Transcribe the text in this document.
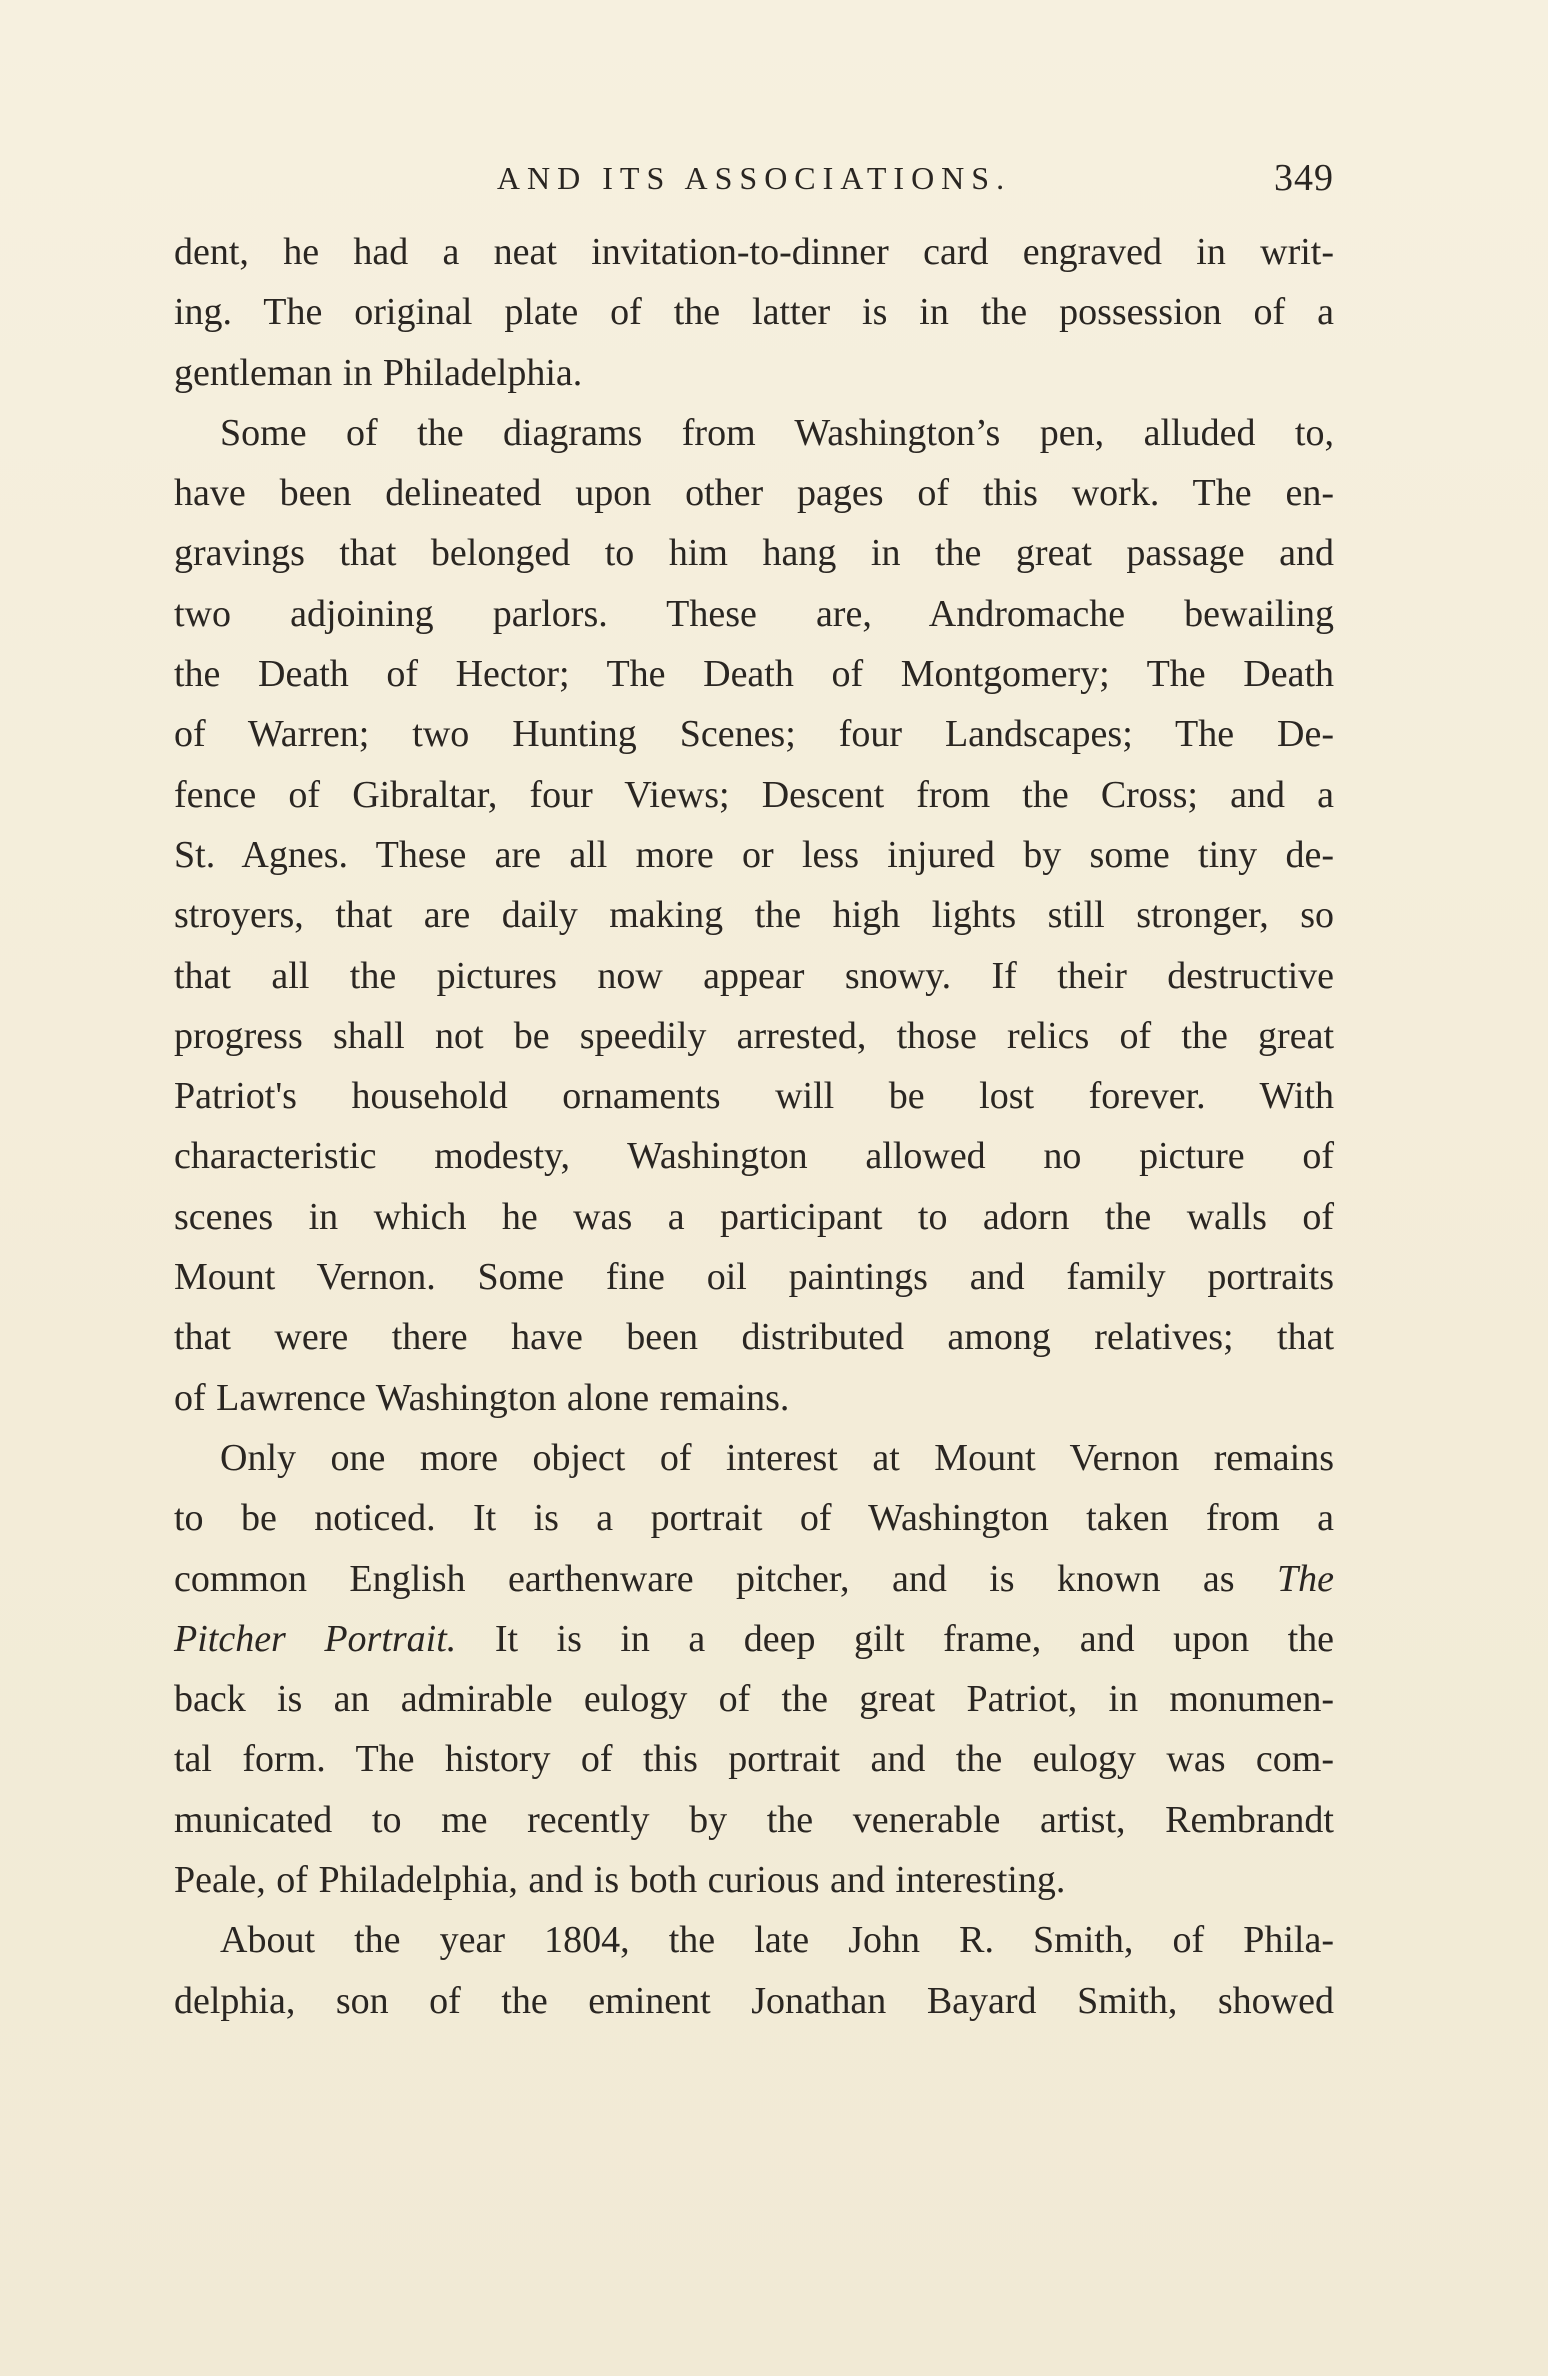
AND ITS ASSOCIATIONS.	349
dent, he had a neat invitation-to-dinner card engraved in writ-
ing. The original plate of the latter is in the possession of a
gentleman in Philadelphia.
Some of the diagrams from Washington’s pen, alluded to,
have been delineated upon other pages of this work. The en-
gravings that belonged to him hang in the great passage and
two adjoining parlors. These are, Andromache bewailing
the Death of Hector; The Death of Montgomery; The Death
of Warren; two Hunting Scenes; four Landscapes; The De-
fence of Gibraltar, four Views; Descent from the Cross; and a
St. Agnes. These are all more or less injured by some tiny de-
stroyers, that are daily making the high lights still stronger, so
that all the pictures now appear snowy. If their destructive
progress shall not be speedily arrested, those relics of the great
Patriot's household ornaments will be lost forever. With
characteristic modesty, Washington allowed no picture of
scenes in which he was a participant to adorn the walls of
Mount Vernon. Some fine oil paintings and family portraits
that were there have been distributed among relatives; that
of Lawrence Washington alone remains.
Only one more object of interest at Mount Vernon remains
to be noticed. It is a portrait of Washington taken from a
common English earthenware pitcher, and is known as The
Pitcher Portrait. It is in a deep gilt frame, and upon the
back is an admirable eulogy of the great Patriot, in monumen-
tal form. The history of this portrait and the eulogy was com-
municated to me recently by the venerable artist, Rembrandt
Peale, of Philadelphia, and is both curious and interesting.
About the year 1804, the late John R. Smith, of Phila-
delphia, son of the eminent Jonathan Bayard Smith, showed
